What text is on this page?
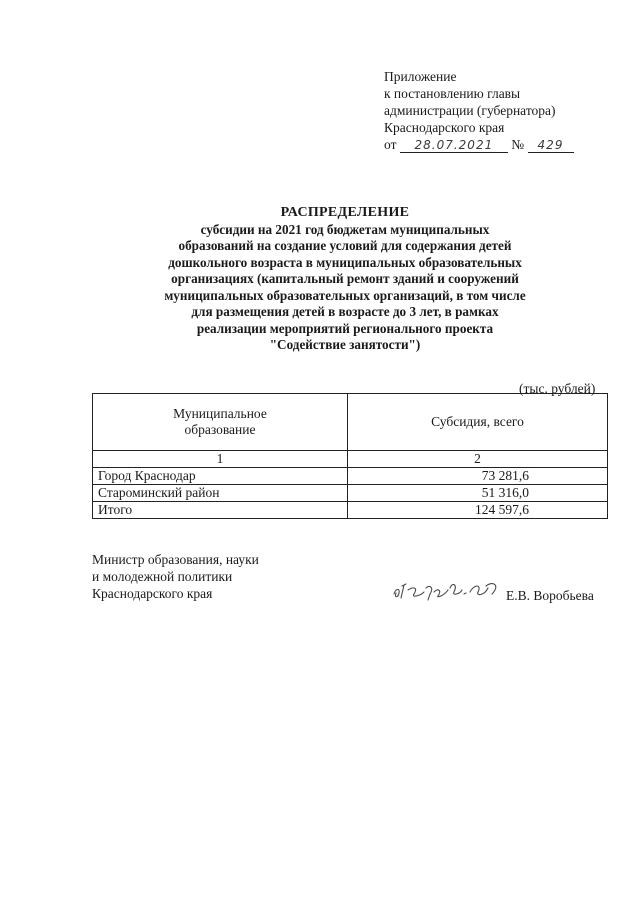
Приложение
к постановлению главы
администрации (губернатора)
Краснодарского края
от 28.07.2021 № 429
РАСПРЕДЕЛЕНИЕ
субсидии на 2021 год бюджетам муниципальных
образований на создание условий для содержания детей
дошкольного возраста в муниципальных образовательных
организациях (капитальный ремонт зданий и сооружений
муниципальных образовательных организаций, в том числе
для размещения детей в возрасте до 3 лет, в рамках
реализации мероприятий регионального проекта
"Содействие занятости")
(тыс. рублей)
Муниципальное
образование	Субсидия, всего
1	2
Город Краснодар	73 281,6
Староминский район	51 316,0
Итого	124 597,6
Министр образования, науки
и молодежной политики
Краснодарского края	Е.В. Воробьева
